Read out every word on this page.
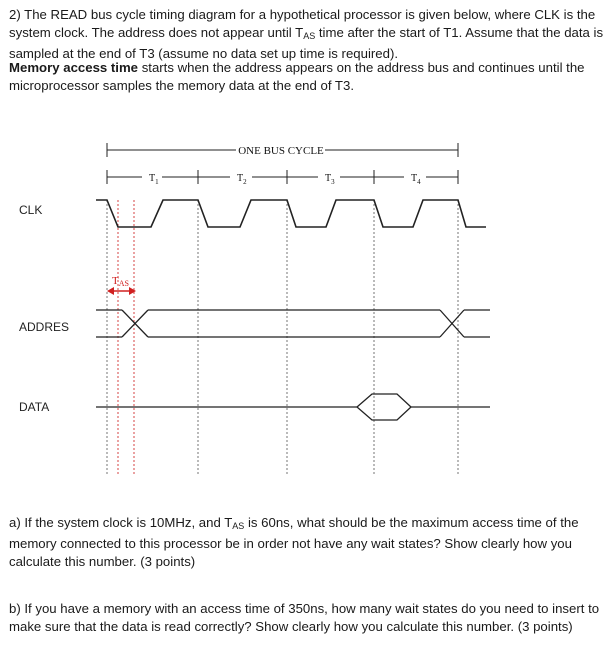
2) The READ bus cycle timing diagram for a hypothetical processor is given below, where CLK is the system clock. The address does not appear until $T_{AS}$ time after the start of T1. Assume that the data is sampled at the end of T3 (assume no data set up time is required).

Memory access time starts when the address appears on the address bus and continues until the microprocessor samples the memory data at the end of T3.

ONE BUS CYCLE
$T_1$	$T_2$	$T_3$	$T_4$
CLK
ADDRES
DATA
TAS

a) If the system clock is 10MHz, and $T_{AS}$ is 60ns, what should be the maximum access time of the memory connected to this processor be in order not have any wait states? Show clearly how you calculate this number. (3 points)

b) If you have a memory with an access time of 350ns, how many wait states do you need to insert to make sure that the data is read correctly? Show clearly how you calculate this number. (3 points)
